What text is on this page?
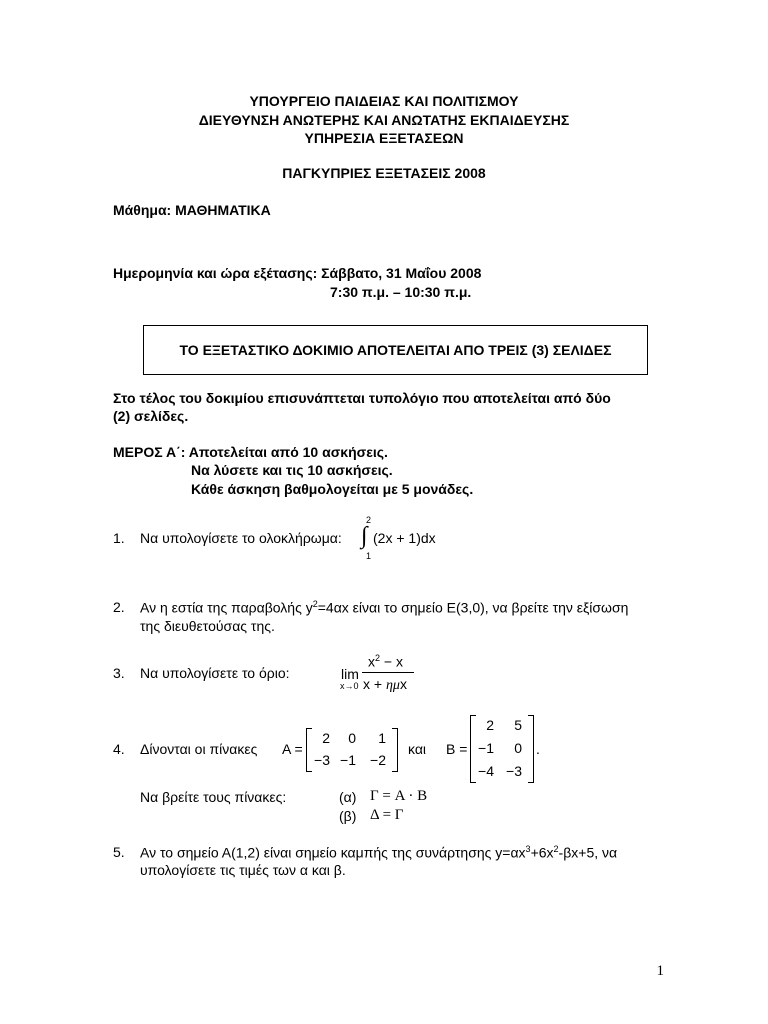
ΥΠΟΥΡΓΕΙΟ ΠΑΙΔΕΙΑΣ ΚΑΙ ΠΟΛΙΤΙΣΜΟΥ
ΔΙΕΥΘΥΝΣΗ ΑΝΩΤΕΡΗΣ ΚΑΙ ΑΝΩΤΑΤΗΣ ΕΚΠΑΙΔΕΥΣΗΣ
ΥΠΗΡΕΣΙΑ ΕΞΕΤΑΣΕΩΝ
ΠΑΓΚΥΠΡΙΕΣ ΕΞΕΤΑΣΕΙΣ 2008
Μάθημα: ΜΑΘΗΜΑΤΙΚΑ
Ημερομηνία και ώρα εξέτασης: Σάββατο, 31 Μαΐου 2008
7:30 π.μ. – 10:30 π.μ.
ΤΟ ΕΞΕΤΑΣΤΙΚΟ ΔΟΚΙΜΙΟ ΑΠΟΤΕΛΕΙΤΑΙ ΑΠΟ ΤΡΕΙΣ (3) ΣΕΛΙΔΕΣ
Στο τέλος του δοκιμίου επισυνάπτεται τυπολόγιο που αποτελείται από δύο
(2) σελίδες.
ΜΕΡΟΣ Α΄: Αποτελείται από 10 ασκήσεις.
Να λύσετε και τις 10 ασκήσεις.
Κάθε άσκηση βαθμολογείται με 5 μονάδες.
1. Να υπολογίσετε το ολοκλήρωμα:
2
∫
1
(2x + 1)dx
2. Αν η εστία της παραβολής $y^2=4\alpha x$ είναι το σημείο Ε(3,0), να βρείτε την εξίσωση
της διευθετούσας της.
3. Να υπολογίσετε το όριο:	lim
x→0
$x^2 - x$
x + ημx
4. Δίνονται οι πίνακες A =
2	0	1
−3 −1	−2
και B =
2	5
−1	0
−4 −3
.
Να βρείτε τους πίνακες:	(α) Γ = A · B
(β) Δ = Γ
5. Αν το σημείο Α(1,2) είναι σημείο καμπής της συνάρτησης $y=\alpha x^3+6x^2-\beta x+5$, να
υπολογίσετε τις τιμές των α και β.
1
